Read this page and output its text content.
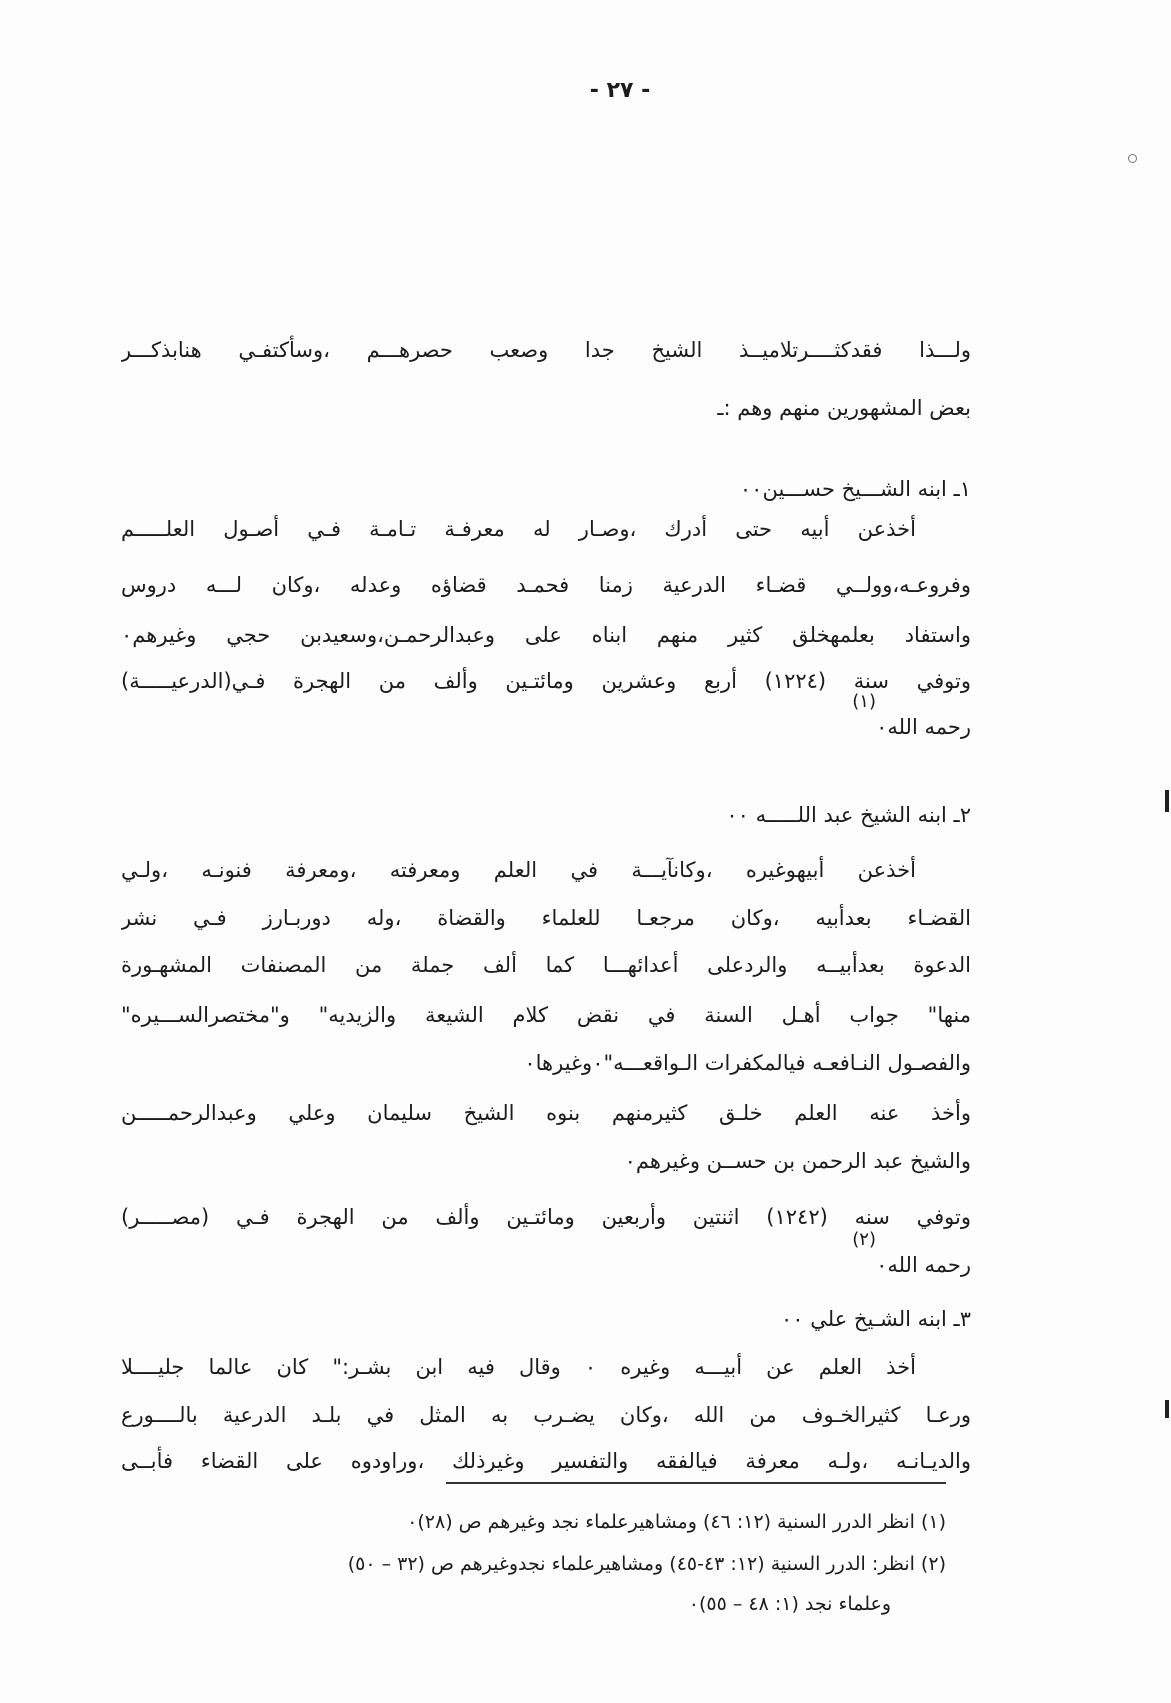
- ٢٧ -
ولـــذا فقدكثــــرتلاميــذ الشيخ جدا وصعب حصرهـــم ،وسأكتفـي هنابذكـــر
بعض المشهورين منهم وهم :ـ
١ـ ابنه الشـــيخ حســـين٠٠
أخذعن أبيه حتى أدرك ،وصـار له معرفـة تـامـة فـي أصـول العلـــــم
وفروعـه،وولــي قضـاء الدرعية زمنا فحمـد قضاؤه وعدله ،وكان لـــه دروس
واستفاد بعلمهخلق كثير منهم ابناه على وعبدالرحمـن،وسعيدبن حجي وغيرهم٠
وتوفي سنة (١٢٢٤) أربع وعشرين ومائتـين وألف من الهجرة فـي(الدرعيـــــة)
(١)
رحمه الله٠
٢ـ ابنه الشيخ عبد اللـــــه ٠٠
أخذعن أبيهوغيره ،وكانآيـــة في العلم ومعرفته ،ومعرفة فنونـه ،ولـي
القضـاء بعدأبيه ،وكان مرجعـا للعلماء والقضاة ،وله دوربـارز فـي نشر
الدعوة بعدأبيــه والردعلى أعدائهـــا كما ألف جملة من المصنفات المشهـورة
منها" جواب أهـل السنة في نقض كلام الشيعة والزيديه" و"مختصرالســـيره"
والفصـول النـافعـه فيالمكفرات الـواقعـــه"٠وغيرها٠
وأخذ عنه العلم خلـق كثيرمنهم بنوه الشيخ سليمان وعلي وعبدالرحمـــــن
والشيخ عبد الرحمن بن حســن وغيرهم٠
وتوفي سنه (١٢٤٢) اثنتين وأربعين ومائتـين وألف من الهجرة فـي (مصـــــر)
(٢)
رحمه الله٠
٣ـ ابنه الشـيخ علي ٠٠
أخذ العلم عن أبيـــه وغيره ٠ وقال فيه ابن بشـر:" كان عالما جليــــلا
ورعـا كثيرالخـوف من الله ،وكان يضـرب به المثل في بلـد الدرعية بالــــورع
والديـانـه ،ولـه معرفة فيالفقه والتفسير وغيرذلك ،وراودوه على القضاء فأبــى
(١) انظر الدرر السنية (١٢: ٤٦) ومشاهيرعلماء نجد وغيرهم ص (٢٨)٠
(٢) انظر: الدرر السنية (١٢: ٤٣-٤٥) ومشاهيرعلماء نجدوغيرهم ص (٣٢ – ٥٠)
وعلماء نجد (١: ٤٨ – ٥٥)٠
